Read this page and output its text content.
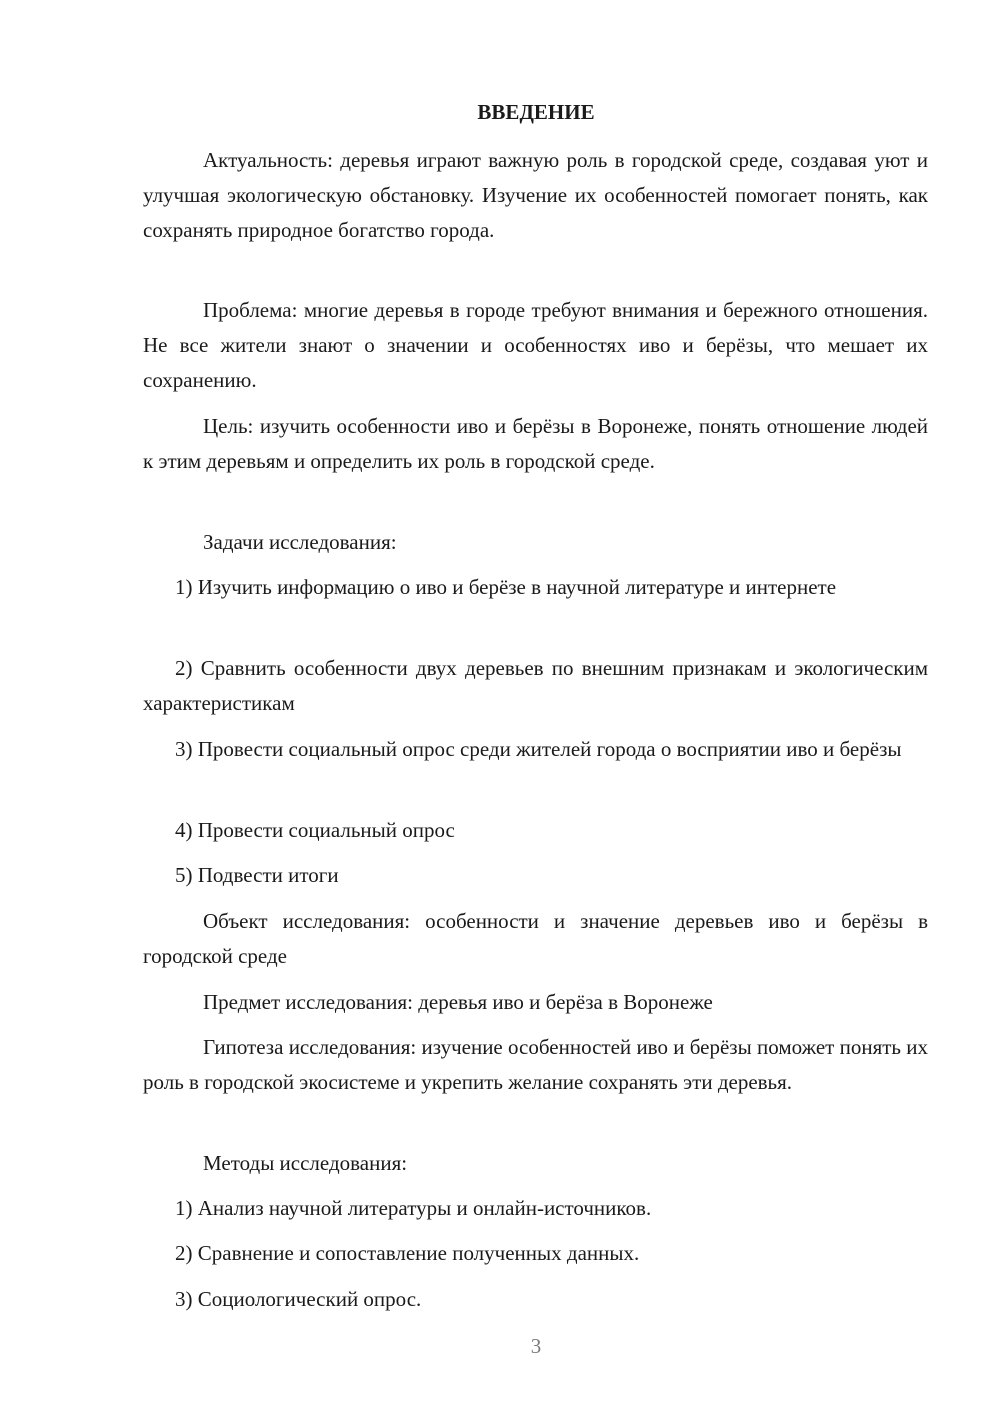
ВВЕДЕНИЕ

Актуальность: деревья играют важную роль в городской среде, создавая уют и улучшая экологическую обстановку. Изучение их особенностей помогает понять, как сохранять природное богатство города.

Проблема: многие деревья в городе требуют внимания и бережного отношения. Не все жители знают о значении и особенностях иво и берёзы, что мешает их сохранению.

Цель: изучить особенности иво и берёзы в Воронеже, понять отношение людей к этим деревьям и определить их роль в городской среде.

Задачи исследования:

1) Изучить информацию о иво и берёзе в научной литературе и интернете

2) Сравнить особенности двух деревьев по внешним признакам и экологическим характеристикам

3) Провести социальный опрос среди жителей города о восприятии иво и берёзы

4) Провести социальный опрос

5) Подвести итоги

Объект исследования: особенности и значение деревьев иво и берёзы в городской среде

Предмет исследования: деревья иво и берёза в Воронеже

Гипотеза исследования: изучение особенностей иво и берёзы поможет понять их роль в городской экосистеме и укрепить желание сохранять эти деревья.

Методы исследования:

1) Анализ научной литературы и онлайн-источников.

2) Сравнение и сопоставление полученных данных.

3) Социологический опрос.

3
